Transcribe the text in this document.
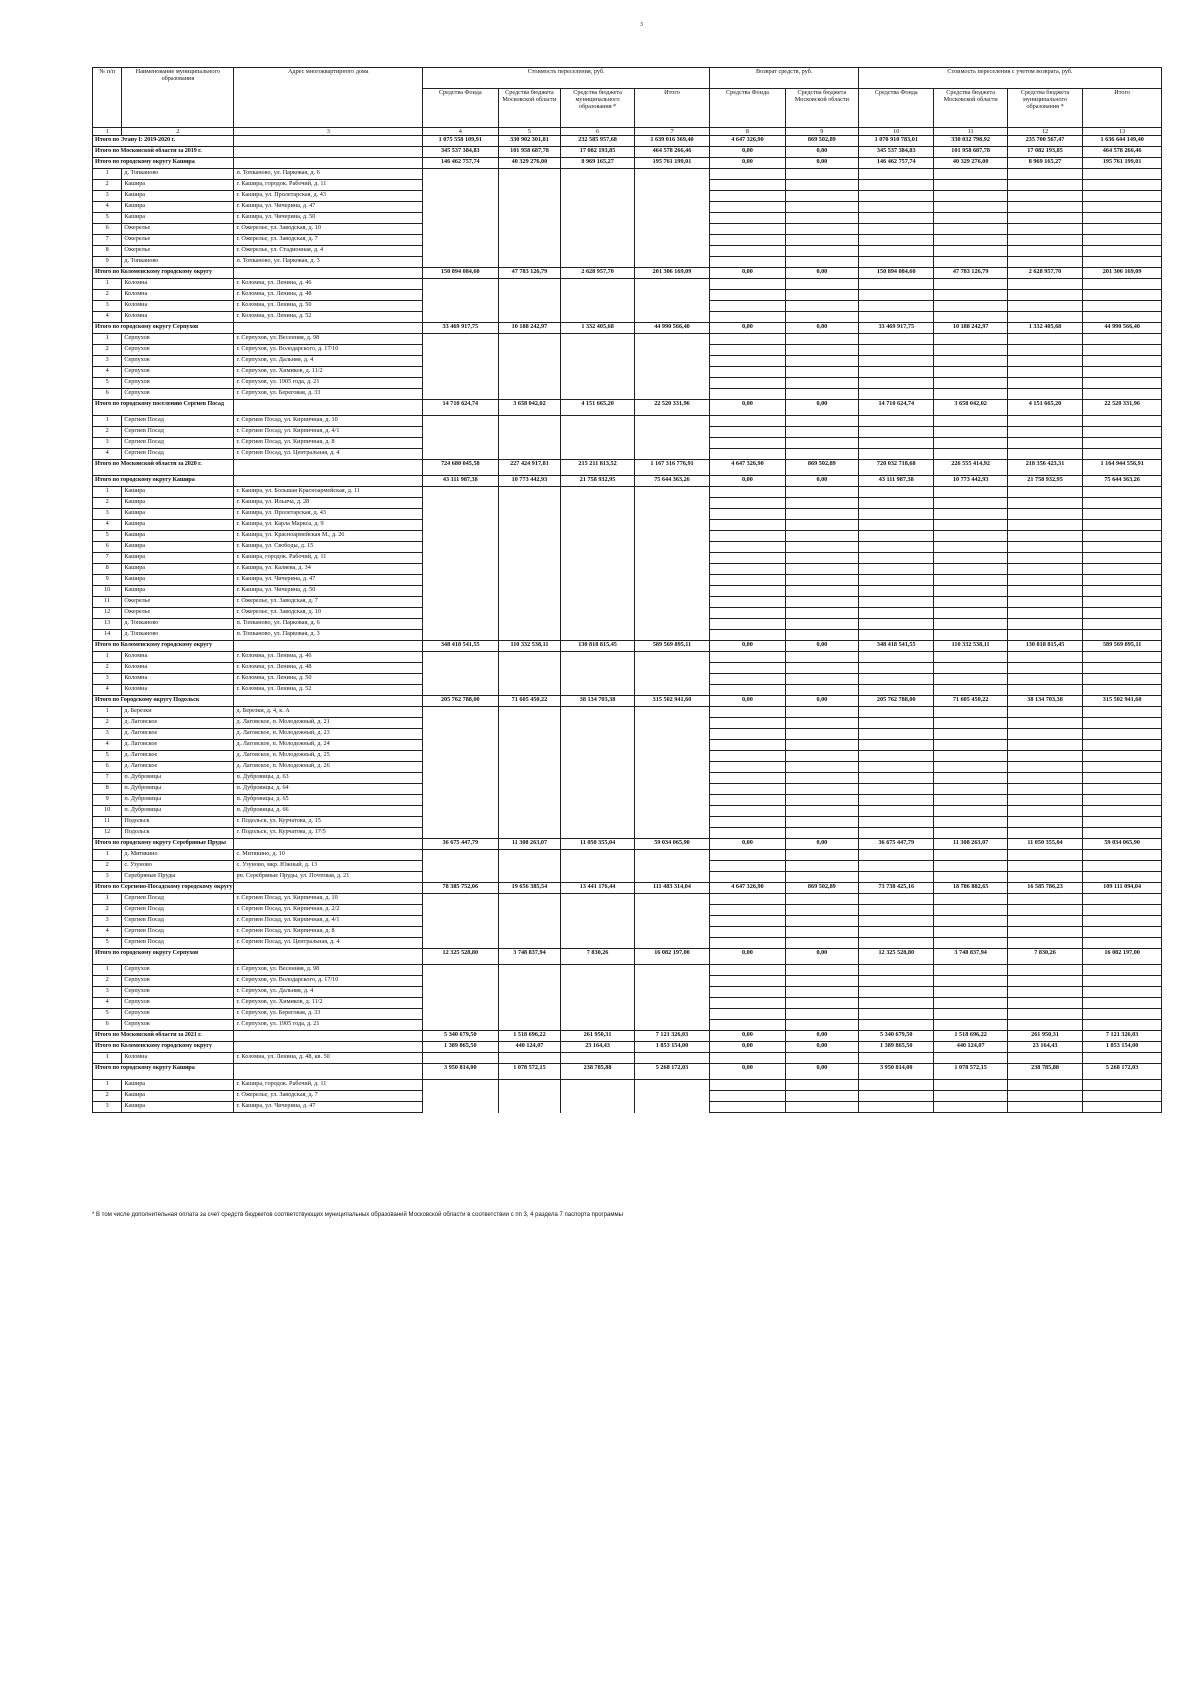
3
№ п/п	Наименование муниципального образования	Адрес многоквартирного дома	Стоимость переселения, руб.				Возврат средств, руб.		Стоимость переселения с учетом возврата, руб.			
			Средства Фонда	Средства бюджета Московской области	Средства бюджета муниципального образования *	Итого	Средства Фонда	Средства бюджета Московской области	Средства Фонда	Средства бюджета Московской области	Средства бюджета муниципального образования *	Итого
1	2	3	4	5	6	7	8	9	10	11	12	13
Итого по Этапу I: 2019-2020 г.			1 075 558 109,91	330 902 301,81	232 585 957,68	1 639 016 369,40	4 647 326,90	869 502,89	1 070 910 783,01	330 032 798,92	235 700 567,47	1 636 644 149,40
Итого по Московской области за 2019 г.			345 537 384,83	101 958 687,78	17 082 193,85	464 578 266,46	0,00	0,00	345 537 384,83	101 958 687,78	17 082 193,85	464 578 266,46
Итого по городскому округу Кашира			146 462 757,74	40 329 276,00	8 969 165,27	195 761 199,01	0,00	0,00	146 462 757,74	40 329 276,00	8 969 165,27	195 761 199,01
1	д. Топканово	п. Топканово, ул. Парковая, д. 6										
2	Кашира	г. Кашира, городок. Рабочий, д. 11										
3	Кашира	г. Кашира, ул. Пролетарская, д. 43										
4	Кашира	г. Кашира, ул. Чичерина, д. 47										
5	Кашира	г. Кашира, ул. Чичерина, д. 50										
6	Ожерелье	г. Ожерелье, ул. Заводская, д. 10										
7	Ожерелье	г. Ожерелье, ул. Заводская, д. 7										
8	Ожерелье	г. Ожерелье, ул. Стадионная, д. 4										
9	д. Топканово	п. Топканово, ул. Парковая, д. 3										
Итого по Коломенскому городскому округу			150 894 084,60	47 783 126,79	2 628 957,70	201 306 169,09	0,00	0,00	150 894 084,60	47 783 126,79	2 628 957,70	201 306 169,09
1	Коломна	г. Коломна, ул. Ленина, д. 46										
2	Коломна	г. Коломна, ул. Ленина, д. 48										
3	Коломна	г. Коломна, ул. Ленина, д. 50										
4	Коломна	г. Коломна, ул. Ленина, д. 52										
Итого по городскому округу Серпухов			33 469 917,75	10 188 242,97	1 332 405,68	44 990 566,40	0,00	0,00	33 469 917,75	10 188 242,97	1 332 405,68	44 990 566,40
1	Серпухов	г. Серпухов, ул. Весенняя, д. 98										
2	Серпухов	г. Серпухов, ул. Володарского, д. 17/10										
3	Серпухов	г. Серпухов, ул. Дальняя, д. 4										
4	Серпухов	г. Серпухов, ул. Химиков, д. 11/2										
5	Серпухов	г. Серпухов, ул. 1905 года, д. 21										
6	Серпухов	г. Серпухов, ул. Береговая, д. 33										
Итого по городскому поселению Сергиев Посад			14 710 624,74	3 658 042,02	4 151 665,20	22 520 331,96	0,00	0,00	14 710 624,74	3 658 042,02	4 151 665,20	22 520 331,96
1	Сергиев Посад	г. Сергиев Посад, ул. Кирпичная, д. 10										
2	Сергиев Посад	г. Сергиев Посад, ул. Кирпичная, д. 4/1										
3	Сергиев Посад	г. Сергиев Посад, ул. Кирпичная, д. 8										
4	Сергиев Посад	г. Сергиев Посад, ул. Центральная, д. 4										
Итого по Московской области за 2020 г.			724 680 045,58	227 424 917,81	215 211 813,52	1 167 316 776,91	4 647 326,90	869 502,89	720 032 718,68	226 555 414,92	218 356 423,31	1 164 944 556,91
Итого по городскому округу Кашира			43 111 987,38	10 773 442,93	21 758 932,95	75 644 363,26	0,00	0,00	43 111 987,38	10 773 442,93	21 758 932,95	75 644 363,26
1	Кашира	г. Кашира, ул. Большая Красноармейская, д. 11										
2	Кашира	г. Кашира, ул. Ильича, д. 28										
3	Кашира	г. Кашира, ул. Пролетарская, д. 43										
4	Кашира	г. Кашира, ул. Карла Маркса, д. 9										
5	Кашира	г. Кашира, ул. Красноармейская М., д. 26										
6	Кашира	г. Кашира, ул. Свободы, д. 15										
7	Кашира	г. Кашира, городок. Рабочий, д. 11										
8	Кашира	г. Кашира, ул. Каляева, д. 34										
9	Кашира	г. Кашира, ул. Чичерина, д. 47										
10	Кашира	г. Кашира, ул. Чичерина, д. 50										
11	Ожерелье	г. Ожерелье, ул. Заводская, д. 7										
12	Ожерелье	г. Ожерелье, ул. Заводская, д. 10										
13	д. Топканово	п. Топканово, ул. Парковая, д. 6										
14	д. Топканово	п. Топканово, ул. Парковая, д. 3										
Итого по Коломенскому городскому округу			348 418 541,55	110 332 538,11	130 818 815,45	589 569 895,11	0,00	0,00	348 418 541,55	110 332 538,11	130 818 815,45	589 569 895,11
1	Коломна	г. Коломна, ул. Ленина, д. 46										
2	Коломна	г. Коломна, ул. Ленина, д. 48										
3	Коломна	г. Коломна, ул. Ленина, д. 50										
4	Коломна	г. Коломна, ул. Ленина, д. 52										
Итого по Городскому округу Подольск			205 762 788,00	71 605 450,22	38 134 703,38	315 502 941,60	0,00	0,00	205 762 788,00	71 605 450,22	38 134 703,38	315 502 941,60
1	д. Березки	д. Березки, д. 4, к. А										
2	д. Лаговское	д. Лаговское, п. Молодежный, д. 21										
3	д. Лаговское	д. Лаговское, п. Молодежный, д. 23										
4	д. Лаговское	д. Лаговское, п. Молодежный, д. 24										
5	д. Лаговское	д. Лаговское, п. Молодежный, д. 25										
6	д. Лаговское	д. Лаговское, п. Молодежный, д. 26										
7	п. Дубровицы	п. Дубровицы, д. 63										
8	п. Дубровицы	п. Дубровицы, д. 64										
9	п. Дубровицы	п. Дубровицы, д. 65										
10	п. Дубровицы	п. Дубровицы, д. 66										
11	Подольск	г. Подольск, ул. Курчатова, д. 15										
12	Подольск	г. Подольск, ул. Курчатова, д. 17/5										
Итого по городскому округу Серебряные Пруды			36 675 447,79	11 308 263,07	11 050 355,04	59 034 065,90	0,00	0,00	36 675 447,79	11 308 263,07	11 050 355,04	59 034 065,90
1	д. Митякино	с. Митякино, д. 10										
2	с. Узуново	с. Узуново, мкр. Южный, д. 13										
3	Серебряные Пруды	рп. Серебряные Пруды, ул. Почтовая, д. 21										
Итого по Сергиево-Посадскому городскому округу			78 385 752,06	19 656 385,54	13 441 176,44	111 483 314,04	4 647 326,90	869 502,89	73 738 425,16	18 786 882,65	16 585 786,23	109 111 094,04
1	Сергиев Посад	г. Сергиев Посад, ул. Кирпичная, д. 10										
2	Сергиев Посад	г. Сергиев Посад, ул. Кирпичная, д. 2/2										
3	Сергиев Посад	г. Сергиев Посад, ул. Кирпичная, д. 4/1										
4	Сергиев Посад	г. Сергиев Посад, ул. Кирпичная, д. 8										
5	Сергиев Посад	г. Сергиев Посад, ул. Центральная, д. 4										
Итого по городскому округу Серпухов			12 325 528,80	3 748 837,94	7 830,26	16 082 197,00	0,00	0,00	12 325 528,80	3 748 837,94	7 830,26	16 082 197,00
1	Серпухов	г. Серпухов, ул. Весенняя, д. 98										
2	Серпухов	г. Серпухов, ул. Володарского, д. 17/10										
3	Серпухов	г. Серпухов, ул. Дальняя, д. 4										
4	Серпухов	г. Серпухов, ул. Химиков, д. 11/2										
5	Серпухов	г. Серпухов, ул. Береговая, д. 33										
6	Серпухов	г. Серпухов, ул. 1905 года, д. 21										
Итого по Московской области за 2021 г.			5 340 679,50	1 518 696,22	261 950,31	7 121 326,03	0,00	0,00	5 340 679,50	1 518 696,22	261 950,31	7 121 326,03
Итого по Коломенскому городскому округу			1 389 865,50	440 124,07	23 164,43	1 853 154,00	0,00	0,00	1 389 865,50	440 124,07	23 164,43	1 853 154,00
1	Коломна	г. Коломна, ул. Ленина, д. 48, кв. 50										
Итого по городскому округу Кашира			3 950 814,00	1 078 572,15	238 785,88	5 268 172,03	0,00	0,00	3 950 814,00	1 078 572,15	238 785,88	5 268 172,03
1	Кашира	г. Кашира, городок. Рабочий, д. 11										
2	Кашира	г. Ожерелье, ул. Заводская, д. 7										
3	Кашира	г. Кашира, ул. Чичерина, д. 47										
* В том числе дополнительная оплата за счет средств бюджетов соответствующих муниципальных образований Московской области в соответствии с пп 3, 4 раздела 7 паспорта программы
